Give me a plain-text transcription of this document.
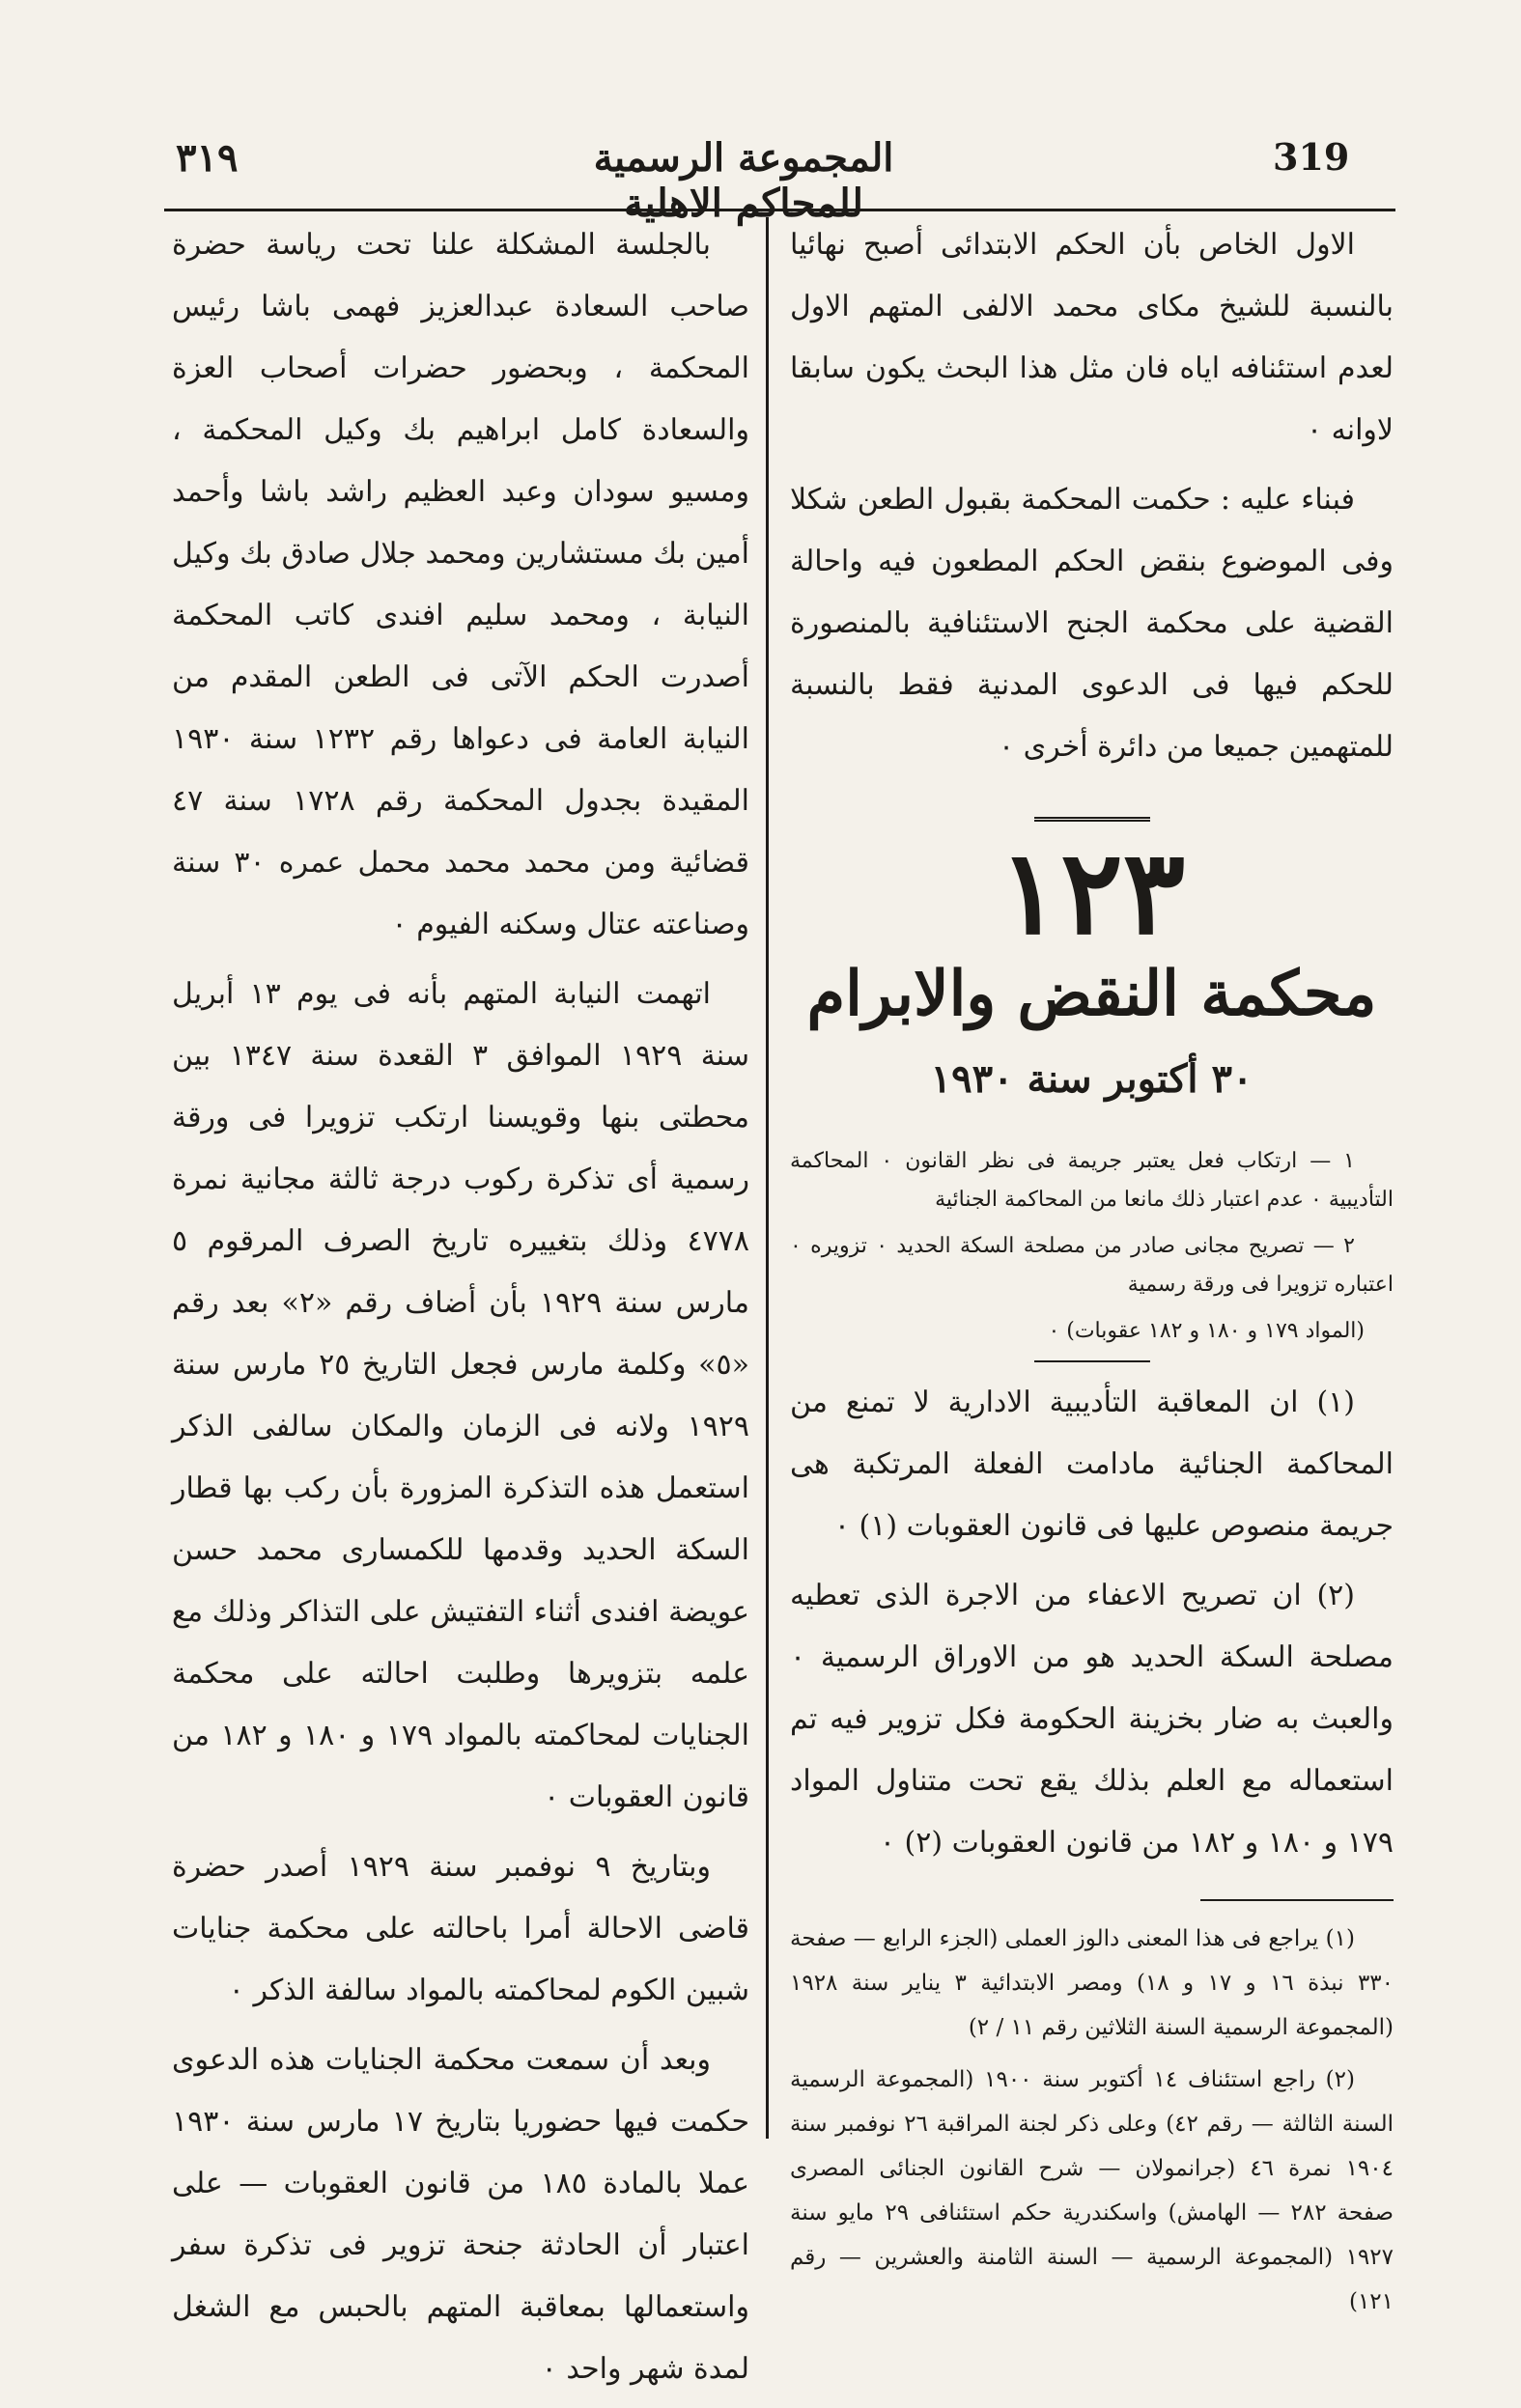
٣١٩	المجموعة الرسمية للمحاكم الاهلية
319

الاول الخاص بأن الحكم الابتدائى أصبح نهائيا بالنسبة للشيخ مكاى محمد الالفى المتهم الاول لعدم استئنافه اياه فان مثل هذا البحث يكون سابقا لاوانه ٠

فبناء عليه : حكمت المحكمة بقبول الطعن شكلا وفى الموضوع بنقض الحكم المطعون فيه واحالة القضية على محكمة الجنح الاستئنافية بالمنصورة للحكم فيها فى الدعوى المدنية فقط بالنسبة للمتهمين جميعا من دائرة أخرى ٠

١٢٣
محكمة النقض والابرام
٣٠ أكتوبر سنة ١٩٣٠

١ — ارتكاب فعل يعتبر جريمة فى نظر القانون ٠ المحاكمة التأديبية ٠ عدم اعتبار ذلك مانعا من المحاكمة الجنائية

٢ — تصريح مجانى صادر من مصلحة السكة الحديد ٠ تزويره ٠ اعتباره تزويرا فى ورقة رسمية

(المواد ١٧٩ و ١٨٠ و ١٨٢ عقوبات) ٠

(١) ان المعاقبة التأديبية الادارية لا تمنع من المحاكمة الجنائية مادامت الفعلة المرتكبة هى جريمة منصوص عليها فى قانون العقوبات (١) ٠

(٢) ان تصريح الاعفاء من الاجرة الذى تعطيه مصلحة السكة الحديد هو من الاوراق الرسمية ٠ والعبث به ضار بخزينة الحكومة فكل تزوير فيه تم استعماله مع العلم بذلك يقع تحت متناول المواد ١٧٩ و ١٨٠ و ١٨٢ من قانون العقوبات (٢) ٠

(١) يراجع فى هذا المعنى دالوز العملى (الجزء الرابع — صفحة ٣٣٠ نبذة ١٦ و ١٧ و ١٨) ومصر الابتدائية ٣ يناير سنة ١٩٢٨ (المجموعة الرسمية السنة الثلاثين رقم ١١ / ٢)

(٢) راجع استئناف ١٤ أكتوبر سنة ١٩٠٠ (المجموعة الرسمية السنة الثالثة — رقم ٤٢) وعلى ذكر لجنة المراقبة ٢٦ نوفمبر سنة ١٩٠٤ نمرة ٤٦ (جرانمولان — شرح القانون الجنائى المصرى صفحة ٢٨٢ — الهامش) واسكندرية حكم استئنافى ٢٩ مايو سنة ١٩٢٧ (المجموعة الرسمية — السنة الثامنة والعشرين — رقم ١٢١)

بالجلسة المشكلة علنا تحت رياسة حضرة صاحب السعادة عبدالعزيز فهمى باشا رئيس المحكمة ، وبحضور حضرات أصحاب العزة والسعادة كامل ابراهيم بك وكيل المحكمة ، ومسيو سودان وعبد العظيم راشد باشا وأحمد أمين بك مستشارين ومحمد جلال صادق بك وكيل النيابة ، ومحمد سليم افندى كاتب المحكمة أصدرت الحكم الآتى فى الطعن المقدم من النيابة العامة فى دعواها رقم ١٢٣٢ سنة ١٩٣٠ المقيدة بجدول المحكمة رقم ١٧٢٨ سنة ٤٧ قضائية ومن محمد محمد محمل عمره ٣٠ سنة وصناعته عتال وسكنه الفيوم ٠

اتهمت النيابة المتهم بأنه فى يوم ١٣ أبريل سنة ١٩٢٩ الموافق ٣ القعدة سنة ١٣٤٧ بين محطتى بنها وقويسنا ارتكب تزويرا فى ورقة رسمية أى تذكرة ركوب درجة ثالثة مجانية نمرة ٤٧٧٨ وذلك بتغييره تاريخ الصرف المرقوم ٥ مارس سنة ١٩٢٩ بأن أضاف رقم «٢» بعد رقم «٥» وكلمة مارس فجعل التاريخ ٢٥ مارس سنة ١٩٢٩ ولانه فى الزمان والمكان سالفى الذكر استعمل هذه التذكرة المزورة بأن ركب بها قطار السكة الحديد وقدمها للكمسارى محمد حسن عويضة افندى أثناء التفتيش على التذاكر وذلك مع علمه بتزويرها وطلبت احالته على محكمة الجنايات لمحاكمته بالمواد ١٧٩ و ١٨٠ و ١٨٢ من قانون العقوبات ٠

وبتاريخ ٩ نوفمبر سنة ١٩٢٩ أصدر حضرة قاضى الاحالة أمرا باحالته على محكمة جنايات شبين الكوم لمحاكمته بالمواد سالفة الذكر ٠

وبعد أن سمعت محكمة الجنايات هذه الدعوى حكمت فيها حضوريا بتاريخ ١٧ مارس سنة ١٩٣٠ عملا بالمادة ١٨٥ من قانون العقوبات — على اعتبار أن الحادثة جنحة تزوير فى تذكرة سفر واستعمالها بمعاقبة المتهم بالحبس مع الشغل لمدة شهر واحد ٠
